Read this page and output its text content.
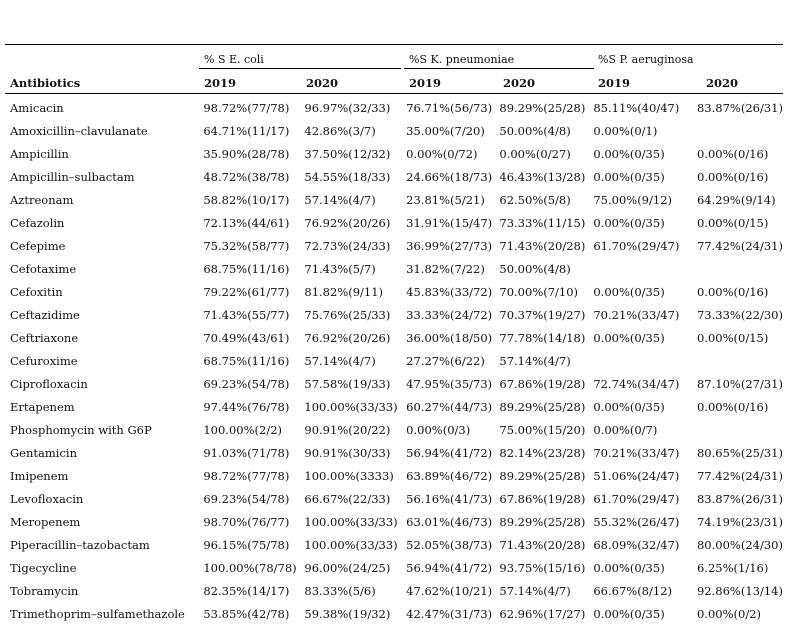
% S E. coli	%S K. pneumoniae	%S P. aeruginosa
Antibiotics	2019	2020	2019	2020	2019	2020
Amicacin	98.72%(77/78)	96.97%(32/33)	76.71%(56/73)	89.29%(25/28)	85.11%(40/47)	83.87%(26/31)
Amoxicillin–clavulanate	64.71%(11/17)	42.86%(3/7)	35.00%(7/20)	50.00%(4/8)	0.00%(0/1)	
Ampicillin	35.90%(28/78)	37.50%(12/32)	0.00%(0/72)	0.00%(0/27)	0.00%(0/35)	0.00%(0/16)
Ampicillin–sulbactam	48.72%(38/78)	54.55%(18/33)	24.66%(18/73)	46.43%(13/28)	0.00%(0/35)	0.00%(0/16)
Aztreonam	58.82%(10/17)	57.14%(4/7)	23.81%(5/21)	62.50%(5/8)	75.00%(9/12)	64.29%(9/14)
Cefazolin	72.13%(44/61)	76.92%(20/26)	31.91%(15/47)	73.33%(11/15)	0.00%(0/35)	0.00%(0/15)
Cefepime	75.32%(58/77)	72.73%(24/33)	36.99%(27/73)	71.43%(20/28)	61.70%(29/47)	77.42%(24/31)
Cefotaxime	68.75%(11/16)	71.43%(5/7)	31.82%(7/22)	50.00%(4/8)		
Cefoxitin	79.22%(61/77)	81.82%(9/11)	45.83%(33/72)	70.00%(7/10)	0.00%(0/35)	0.00%(0/16)
Ceftazidime	71.43%(55/77)	75.76%(25/33)	33.33%(24/72)	70.37%(19/27)	70.21%(33/47)	73.33%(22/30)
Ceftriaxone	70.49%(43/61)	76.92%(20/26)	36.00%(18/50)	77.78%(14/18)	0.00%(0/35)	0.00%(0/15)
Cefuroxime	68.75%(11/16)	57.14%(4/7)	27.27%(6/22)	57.14%(4/7)		
Ciprofloxacin	69.23%(54/78)	57.58%(19/33)	47.95%(35/73)	67.86%(19/28)	72.74%(34/47)	87.10%(27/31)
Ertapenem	97.44%(76/78)	100.00%(33/33)	60.27%(44/73)	89.29%(25/28)	0.00%(0/35)	0.00%(0/16)
Phosphomycin with G6P	100.00%(2/2)	90.91%(20/22)	0.00%(0/3)	75.00%(15/20)	0.00%(0/7)	
Gentamicin	91.03%(71/78)	90.91%(30/33)	56.94%(41/72)	82.14%(23/28)	70.21%(33/47)	80.65%(25/31)
Imipenem	98.72%(77/78)	100.00%(3333)	63.89%(46/72)	89.29%(25/28)	51.06%(24/47)	77.42%(24/31)
Levofloxacin	69.23%(54/78)	66.67%(22/33)	56.16%(41/73)	67.86%(19/28)	61.70%(29/47)	83.87%(26/31)
Meropenem	98.70%(76/77)	100.00%(33/33)	63.01%(46/73)	89.29%(25/28)	55.32%(26/47)	74.19%(23/31)
Piperacillin–tazobactam	96.15%(75/78)	100.00%(33/33)	52.05%(38/73)	71.43%(20/28)	68.09%(32/47)	80.00%(24/30)
Tigecycline	100.00%(78/78)	96.00%(24/25)	56.94%(41/72)	93.75%(15/16)	0.00%(0/35)	6.25%(1/16)
Tobramycin	82.35%(14/17)	83.33%(5/6)	47.62%(10/21)	57.14%(4/7)	66.67%(8/12)	92.86%(13/14)
Trimethoprim–sulfamethazole	53.85%(42/78)	59.38%(19/32)	42.47%(31/73)	62.96%(17/27)	0.00%(0/35)	0.00%(0/2)
